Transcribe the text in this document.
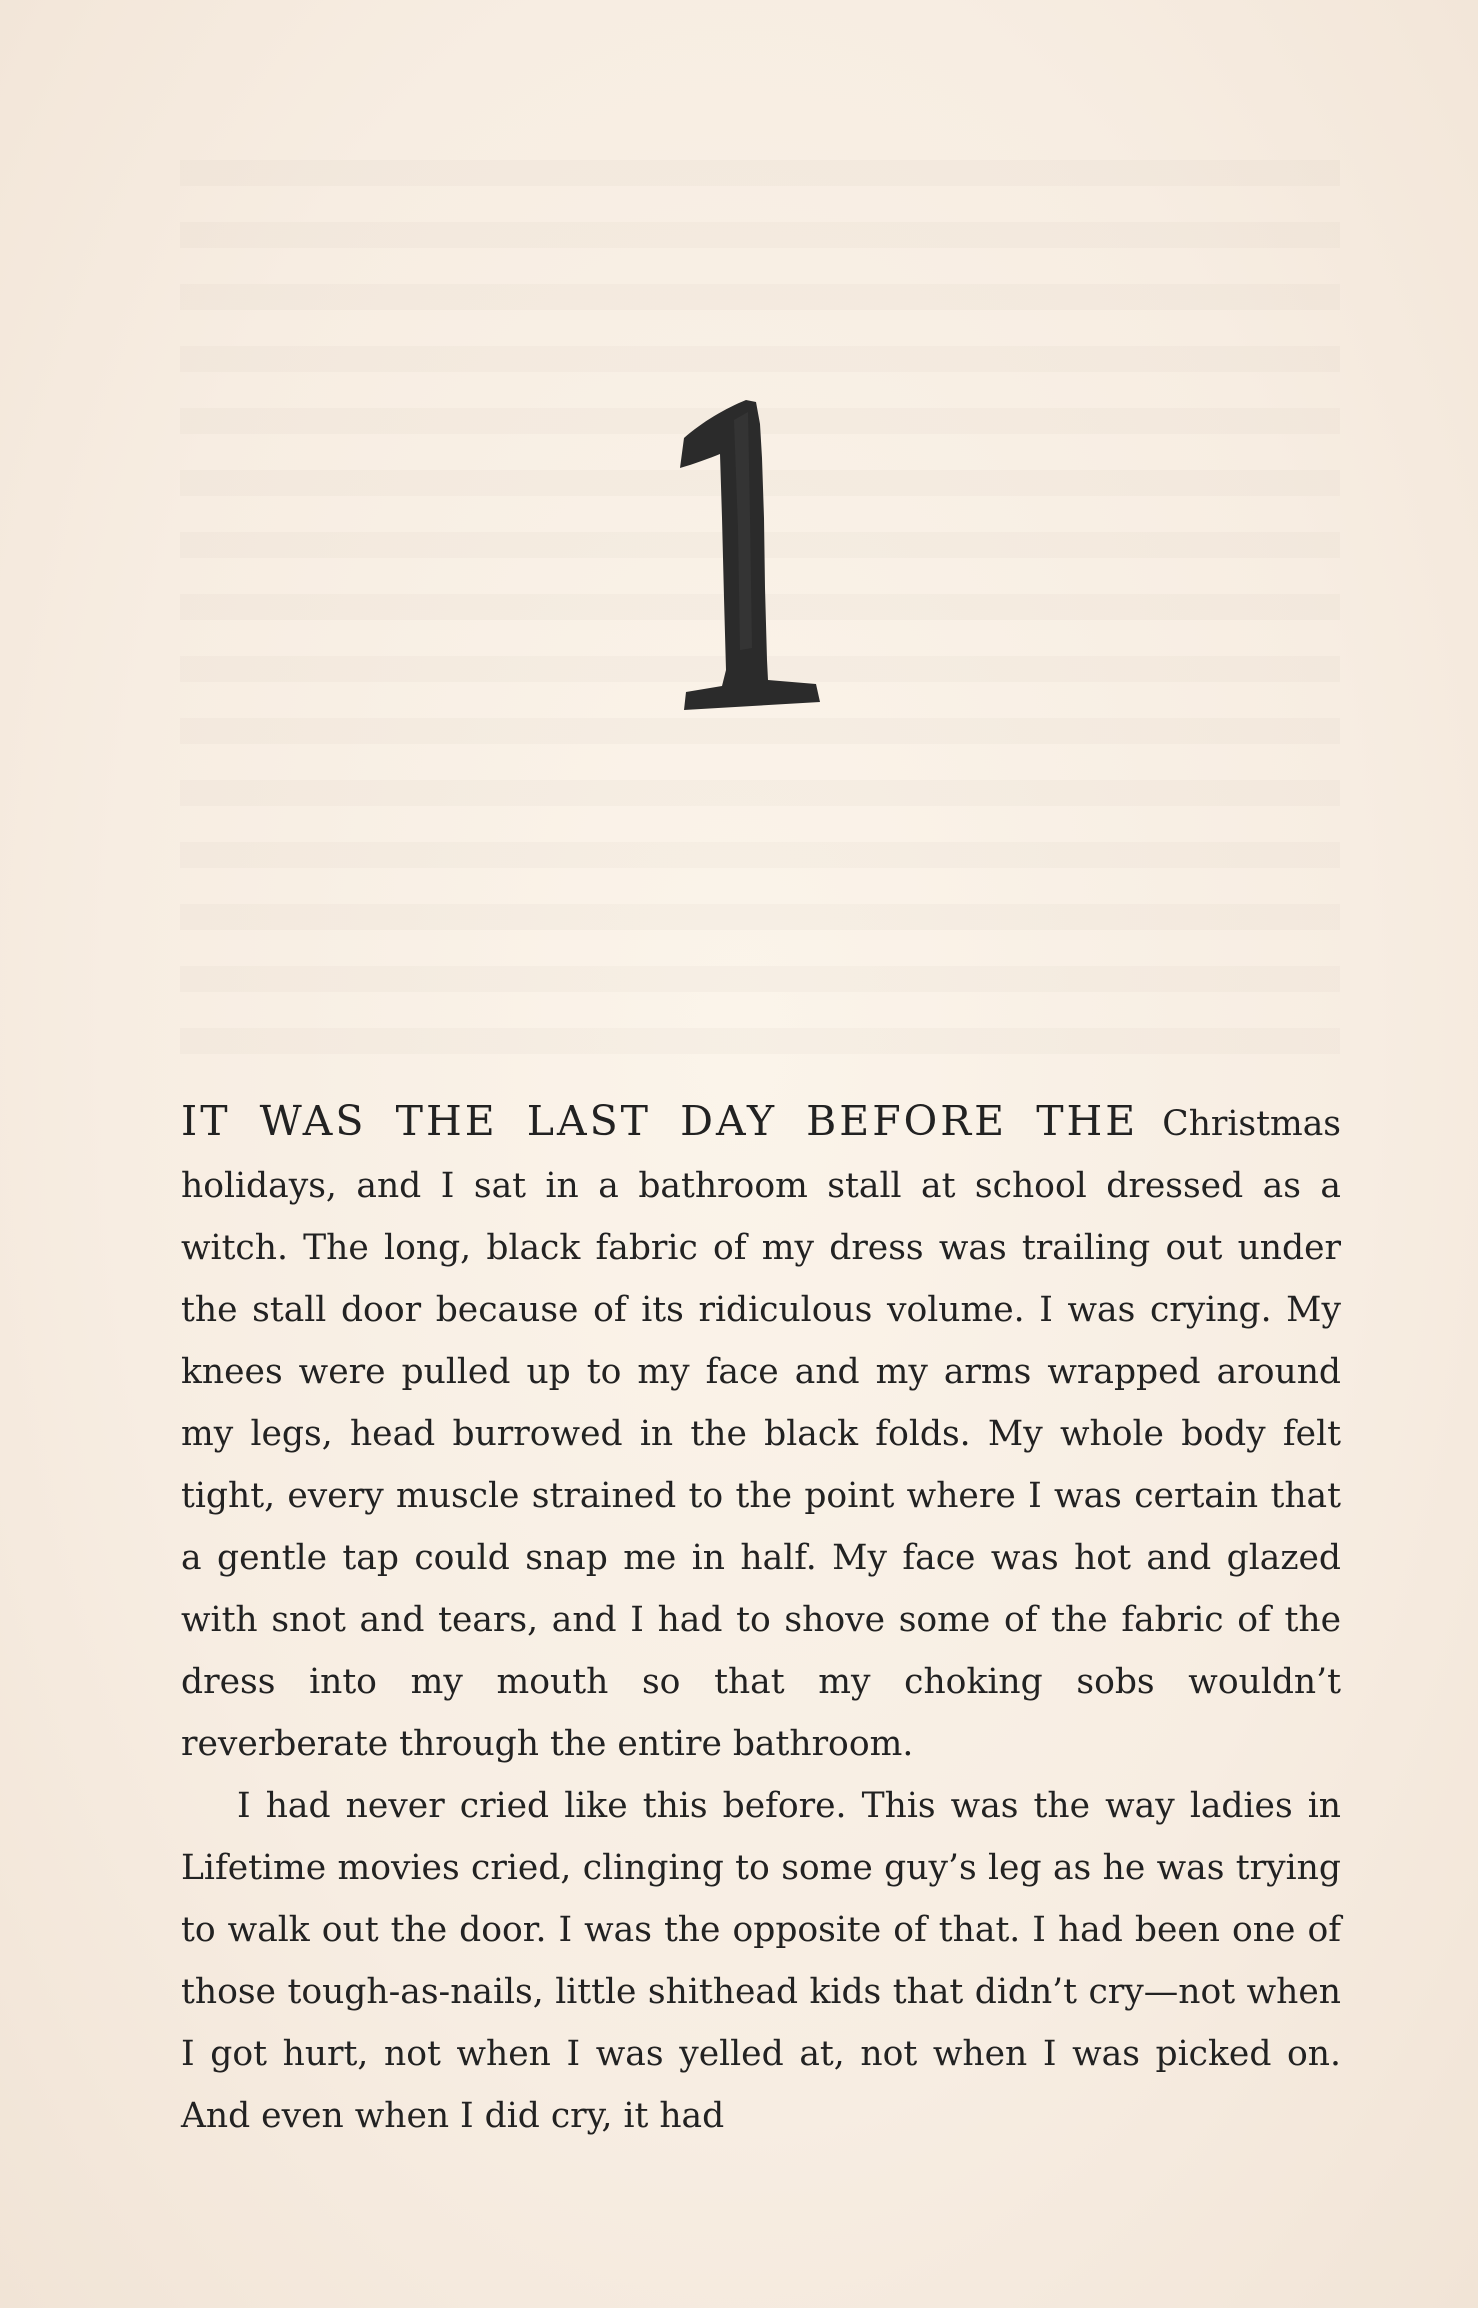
IT WAS THE LAST DAY BEFORE THE Christmas holidays, and I sat in a bathroom stall at school dressed as a witch. The long, black fabric of my dress was trailing out under the stall door because of its ridiculous volume. I was crying. My knees were pulled up to my face and my arms wrapped around my legs, head burrowed in the black folds. My whole body felt tight, every muscle strained to the point where I was certain that a gentle tap could snap me in half. My face was hot and glazed with snot and tears, and I had to shove some of the fabric of the dress into my mouth so that my choking sobs wouldn’t reverberate through the entire bathroom.

I had never cried like this before. This was the way ladies in Lifetime movies cried, clinging to some guy’s leg as he was trying to walk out the door. I was the opposite of that. I had been one of those tough-as-nails, little shithead kids that didn’t cry—not when I got hurt, not when I was yelled at, not when I was picked on. And even when I did cry, it had
